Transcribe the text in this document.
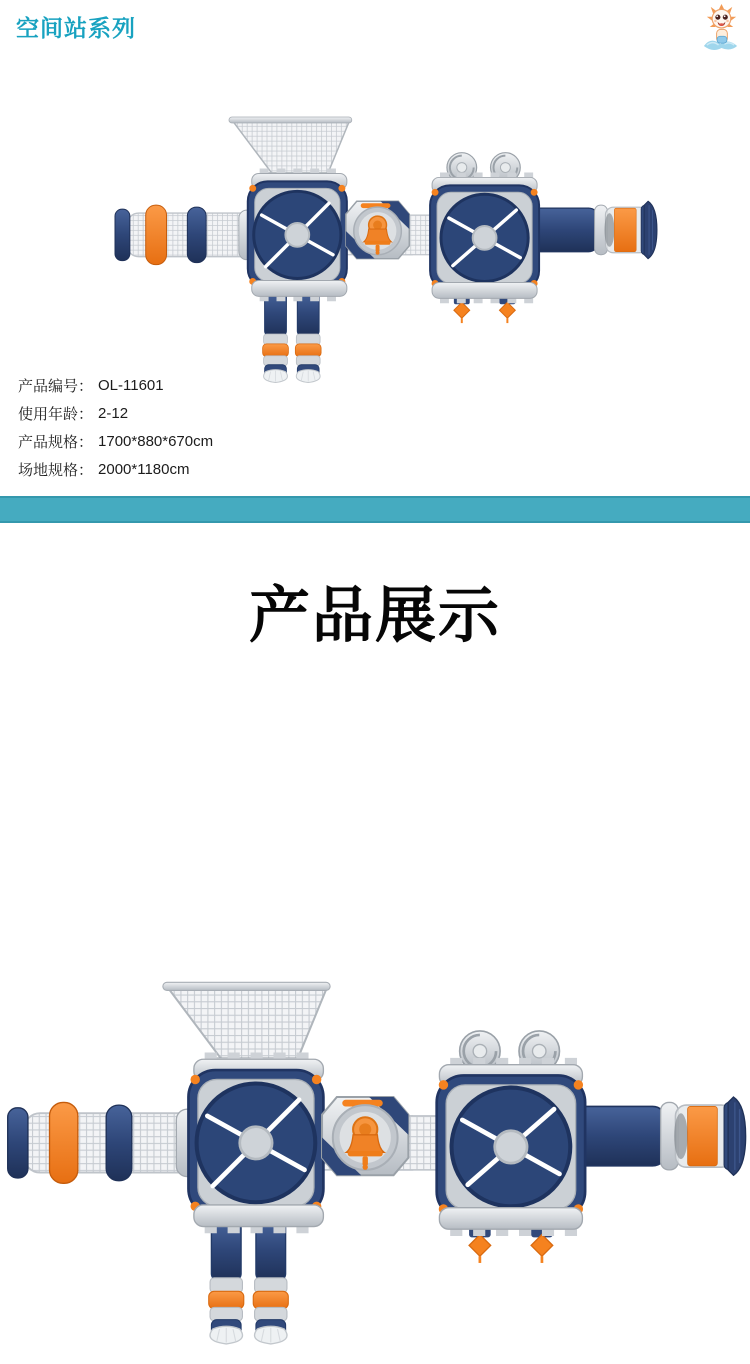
空间站系列
产品编号： OL-11601
使用年龄： 2-12
产品规格： 1700*880*670cm
场地规格： 2000*1180cm
产品展示
